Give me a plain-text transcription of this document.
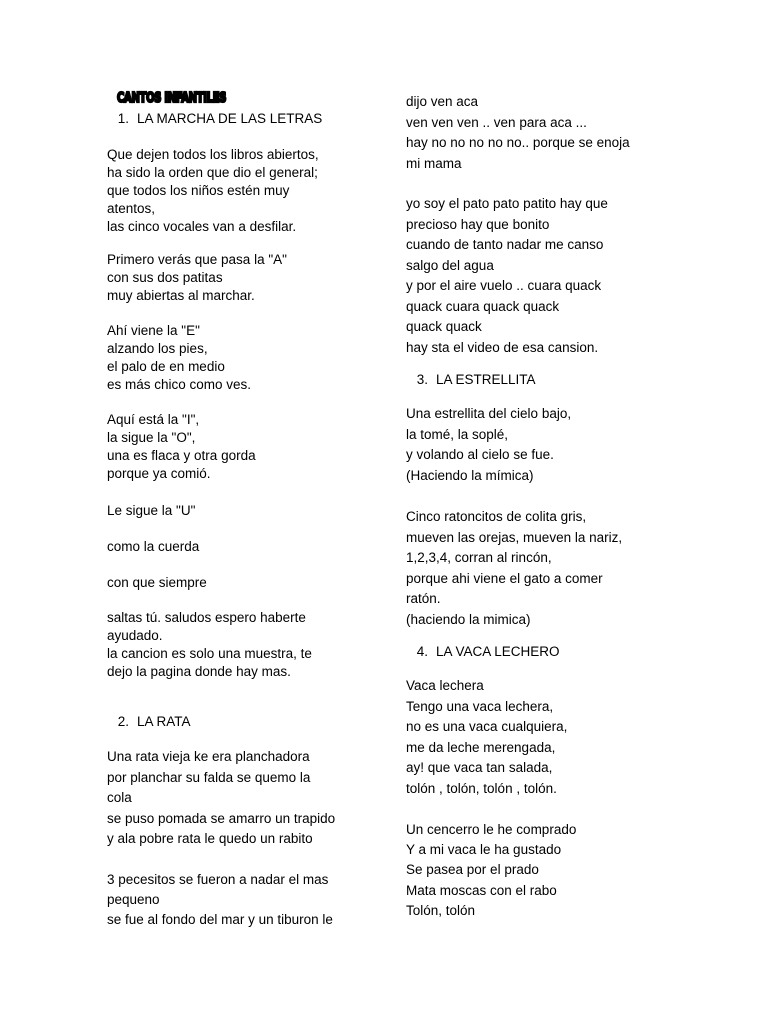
CANTOS INFANTILES
1. LA MARCHA DE LAS LETRAS
Que dejen todos los libros abiertos,
ha sido la orden que dio el general;
que todos los niños estén muy
atentos,
las cinco vocales van a desfilar.
Primero verás que pasa la "A"
con sus dos patitas
muy abiertas al marchar.
Ahí viene la "E"
alzando los pies,
el palo de en medio
es más chico como ves.
Aquí está la "I",
la sigue la "O",
una es flaca y otra gorda
porque ya comió.
Le sigue la "U"
como la cuerda
con que siempre
saltas tú. saludos espero haberte
ayudado.
la cancion es solo una muestra, te
dejo la pagina donde hay mas.
2. LA RATA
Una rata vieja ke era planchadora
por planchar su falda se quemo la
cola
se puso pomada se amarro un trapido
y ala pobre rata le quedo un rabito
3 pecesitos se fueron a nadar el mas
pequeno
se fue al fondo del mar y un tiburon le
dijo ven aca
ven ven ven .. ven para aca ...
hay no no no no no.. porque se enoja
mi mama
yo soy el pato pato patito hay que
precioso hay que bonito
cuando de tanto nadar me canso
salgo del agua
y por el aire vuelo .. cuara quack
quack cuara quack quack
quack quack
hay sta el video de esa cansion.
3. LA ESTRELLITA
Una estrellita del cielo bajo,
la tomé, la soplé,
y volando al cielo se fue.
(Haciendo la mímica)
Cinco ratoncitos de colita gris,
mueven las orejas, mueven la nariz,
1,2,3,4, corran al rincón,
porque ahi viene el gato a comer
ratón.
(haciendo la mimica)
4. LA VACA LECHERO
Vaca lechera
Tengo una vaca lechera,
no es una vaca cualquiera,
me da leche merengada,
ay! que vaca tan salada,
tolón , tolón, tolón , tolón.
Un cencerro le he comprado
Y a mi vaca le ha gustado
Se pasea por el prado
Mata moscas con el rabo
Tolón, tolón
